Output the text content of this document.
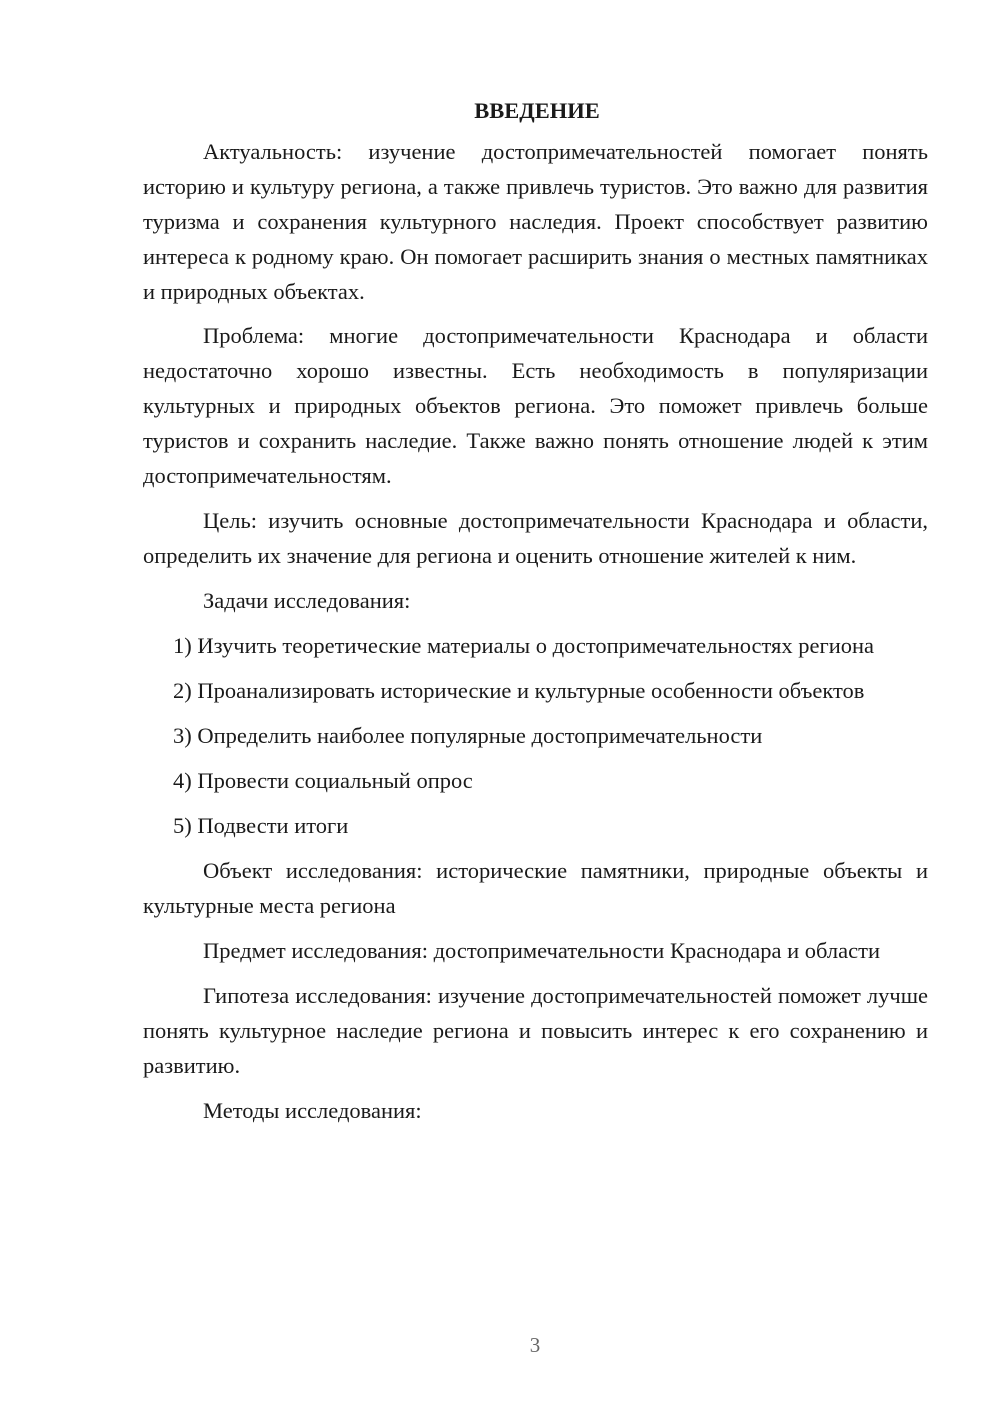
ВВЕДЕНИЕ

Актуальность: изучение достопримечательностей помогает понять историю и культуру региона, а также привлечь туристов. Это важно для развития туризма и сохранения культурного наследия. Проект способствует развитию интереса к родному краю. Он помогает расширить знания о местных памятниках и природных объектах.

Проблема: многие достопримечательности Краснодара и области недостаточно хорошо известны. Есть необходимость в популяризации культурных и природных объектов региона. Это поможет привлечь больше туристов и сохранить наследие. Также важно понять отношение людей к этим достопримечательностям.

Цель: изучить основные достопримечательности Краснодара и области, определить их значение для региона и оценить отношение жителей к ним.

Задачи исследования:

1) Изучить теоретические материалы о достопримечательностях региона

2) Проанализировать исторические и культурные особенности объектов

3) Определить наиболее популярные достопримечательности

4) Провести социальный опрос

5) Подвести итоги

Объект исследования: исторические памятники, природные объекты и культурные места региона

Предмет исследования: достопримечательности Краснодара и области

Гипотеза исследования: изучение достопримечательностей поможет лучше понять культурное наследие региона и повысить интерес к его сохранению и развитию.

Методы исследования:

3
